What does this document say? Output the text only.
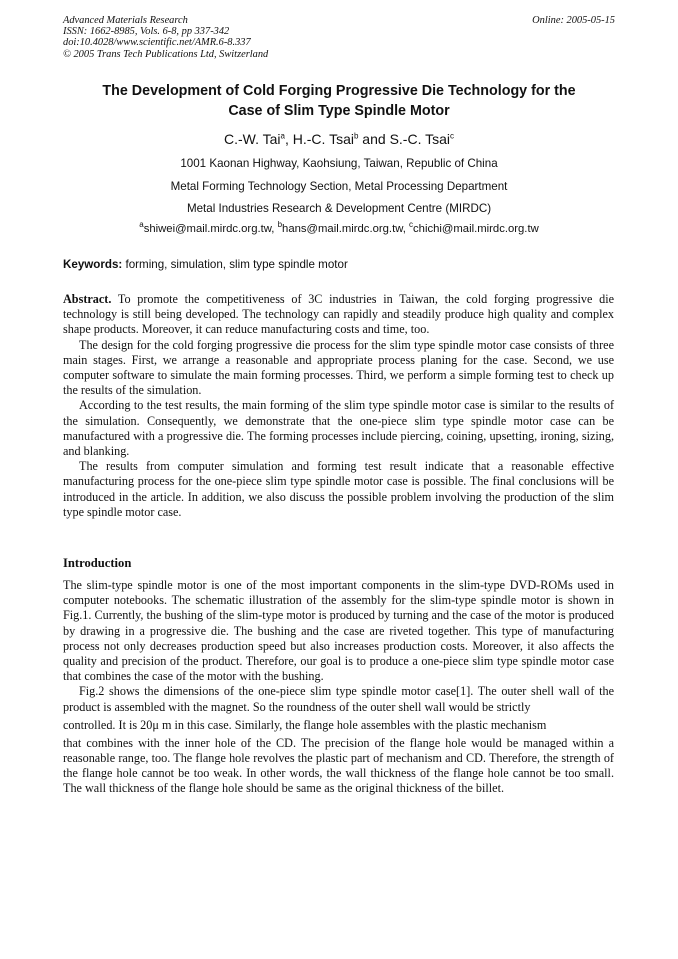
Advanced Materials Research
ISSN: 1662-8985, Vols. 6-8, pp 337-342
doi:10.4028/www.scientific.net/AMR.6-8.337
© 2005 Trans Tech Publications Ltd, Switzerland
Online: 2005-05-15
The Development of Cold Forging Progressive Die Technology for the
Case of Slim Type Spindle Motor
C.-W. Tai$^a$, H.-C. Tsai$^b$ and S.-C. Tsai$^c$
1001 Kaonan Highway, Kaohsiung, Taiwan, Republic of China
Metal Forming Technology Section, Metal Processing Department
Metal Industries Research & Development Centre (MIRDC)
$^a$shiwei@mail.mirdc.org.tw, $^b$hans@mail.mirdc.org.tw, $^c$chichi@mail.mirdc.org.tw
Keywords: forming, simulation, slim type spindle motor

Abstract. To promote the competitiveness of 3C industries in Taiwan, the cold forging progressive die technology is still being developed. The technology can rapidly and steadily produce high quality and complex shape products. Moreover, it can reduce manufacturing costs and time, too.

The design for the cold forging progressive die process for the slim type spindle motor case consists of three main stages. First, we arrange a reasonable and appropriate process planing for the case. Second, we use computer software to simulate the main forming processes. Third, we perform a simple forming test to check up the results of the simulation.

According to the test results, the main forming of the slim type spindle motor case is similar to the results of the simulation. Consequently, we demonstrate that the one-piece slim type spindle motor case can be manufactured with a progressive die. The forming processes include piercing, coining, upsetting, ironing, sizing, and blanking.

The results from computer simulation and forming test result indicate that a reasonable effective manufacturing process for the one-piece slim type spindle motor case is possible. The final conclusions will be introduced in the article. In addition, we also discuss the possible problem involving the production of the slim type spindle motor case.

Introduction

The slim-type spindle motor is one of the most important components in the slim-type DVD-ROMs used in computer notebooks. The schematic illustration of the assembly for the slim-type spindle motor is shown in Fig.1. Currently, the bushing of the slim-type motor is produced by turning and the case of the motor is produced by drawing in a progressive die. The bushing and the case are riveted together. This type of manufacturing process not only decreases production speed but also increases production costs. Moreover, it also affects the quality and precision of the product. Therefore, our goal is to produce a one-piece slim type spindle motor case that combines the case of the motor with the bushing.

Fig.2 shows the dimensions of the one-piece slim type spindle motor case[1]. The outer shell wall of the product is assembled with the magnet. So the roundness of the outer shell wall would be strictly

controlled. It is 20μ m in this case. Similarly, the flange hole assembles with the plastic mechanism

that combines with the inner hole of the CD. The precision of the flange hole would be managed within a reasonable range, too. The flange hole revolves the plastic part of mechanism and CD. Therefore, the strength of the flange hole cannot be too weak. In other words, the wall thickness of the flange hole cannot be too small. The wall thickness of the flange hole should be same as the original thickness of the billet.
